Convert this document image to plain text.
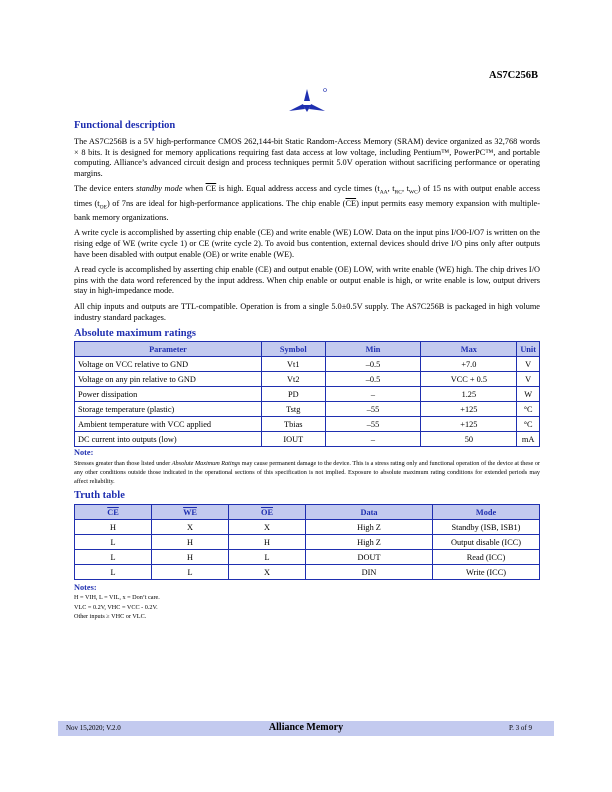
AS7C256B
Functional description

The AS7C256B is a 5V high-performance CMOS 262,144-bit Static Random-Access Memory (SRAM) device organized as 32,768 words × 8 bits. It is designed for memory applications requiring fast data access at low voltage, including Pentium™, PowerPC™, and portable computing. Alliance’s advanced circuit design and process techniques permit 5.0V operation without sacrificing performance or operating margins.

The device enters standby mode when $\overline{CE}$ is high. Equal address access and cycle times ($t_{AA}$, $t_{RC}$, $t_{WC}$) of 15 ns with output enable access times $(t_{OE})$ of 7ns are ideal for high-performance applications. The chip enable $(\overline{CE})$ input permits easy memory expansion with multiple-bank memory organizations.

A write cycle is accomplished by asserting chip enable (CE) and write enable (WE) LOW. Data on the input pins I/O0-I/O7 is written on the rising edge of WE (write cycle 1) or CE (write cycle 2). To avoid bus contention, external devices should drive I/O pins only after outputs have been disabled with output enable (OE) or write enable (WE).

A read cycle is accomplished by asserting chip enable (CE) and output enable (OE) LOW, with write enable (WE) high. The chip drives I/O pins with the data word referenced by the input address. When chip enable or output enable is high, or write enable is low, output drivers stay in high-impedance mode.

All chip inputs and outputs are TTL-compatible. Operation is from a single 5.0±0.5V supply. The AS7C256B is packaged in high volume industry standard packages.

Absolute maximum ratings
Parameter	Symbol	Min	Max	Unit
Voltage on VCC relative to GND	Vt1	–0.5	+7.0	V
Voltage on any pin relative to GND	Vt2	–0.5	VCC + 0.5	V
Power dissipation	PD	–	1.25	W
Storage temperature (plastic)	Tstg	–55	+125	°C
Ambient temperature with VCC applied	Tbias	–55	+125	°C
DC current into outputs (low)	IOUT	–	50	mA
Note:
Stresses greater than those listed under Absolute Maximum Ratings may cause permanent damage to the device. This is a stress rating only and functional operation of the device at these or any other conditions outside those indicated in the operational sections of this specification is not implied. Exposure to absolute maximum rating conditions for extended periods may affect reliability.
Truth table
$\overline{CE}$	$\overline{WE}$	$\overline{OE}$	Data	Mode
H	X	X	High Z	Standby (ISB, ISB1)
L	H	H	High Z	Output disable (ICC)
L	H	L	DOUT	Read (ICC)
L	L	X	DIN	Write (ICC)
Notes:
H = VIH, L = VIL, x = Don’t care.
VLC = 0.2V, VHC = VCC - 0.2V.
Other inputs ≥ VHC or VLC.
Nov 15,2020; V.2.0	Alliance Memory	P. 3 of 9
